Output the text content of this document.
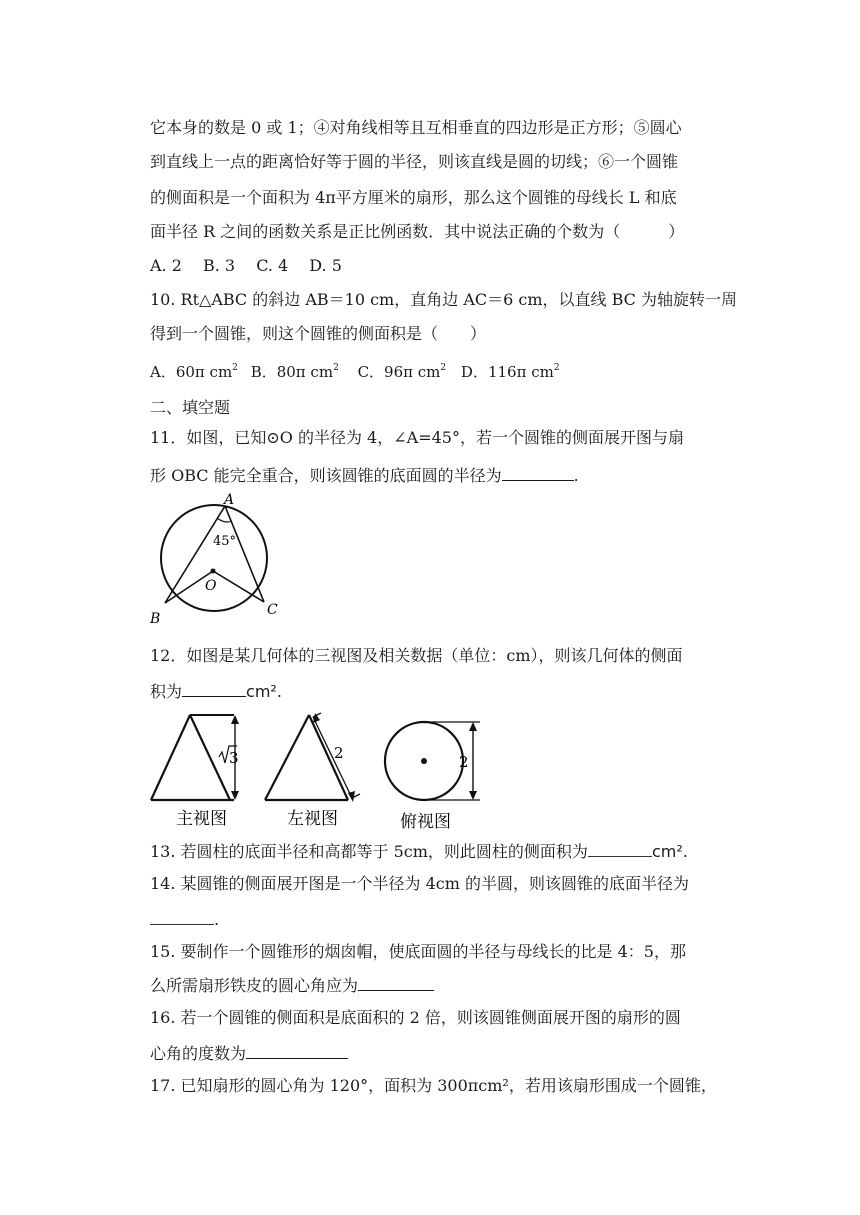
它本身的数是 0 或 1；④对角线相等且互相垂直的四边形是正方形；⑤圆心
到直线上一点的距离恰好等于圆的半径，则该直线是圆的切线；⑥一个圆锥
的侧面积是一个面积为 4π平方厘米的扇形，那么这个圆锥的母线长 L 和底
面半径 R 之间的函数关系是正比例函数．其中说法正确的个数为（　　　）
A. 2　 B. 3　 C. 4　 D. 5
10. Rt△ABC 的斜边 AB＝10 cm，直角边 AC＝6 cm，以直线 BC 为轴旋转一周
得到一个圆锥，则这个圆锥的侧面积是（　　）
A．60π $cm^2$ B．80π $cm^2$ C．96π $cm^2$ D．116π $cm^2$
二、填空题
11．如图，已知⊙O 的半径为 4，∠A=45°，若一个圆锥的侧面展开图与扇
形 OBC 能完全重合，则该圆锥的底面圆的半径为	.
A
45°
O
B
C
12．如图是某几何体的三视图及相关数据（单位：cm），则该几何体的侧面
积为	cm².
3	2	2
主视图	左视图	俯视图
13. 若圆柱的底面半径和高都等于 5cm，则此圆柱的侧面积为	cm².
14. 某圆锥的侧面展开图是一个半径为 4cm 的半圆，则该圆锥的底面半径为
.
15. 要制作一个圆锥形的烟囱帽，使底面圆的半径与母线长的比是 4：5，那
么所需扇形铁皮的圆心角应为
16. 若一个圆锥的侧面积是底面积的 2 倍，则该圆锥侧面展开图的扇形的圆
心角的度数为
17. 已知扇形的圆心角为 120°，面积为 300πcm²，若用该扇形围成一个圆锥，
